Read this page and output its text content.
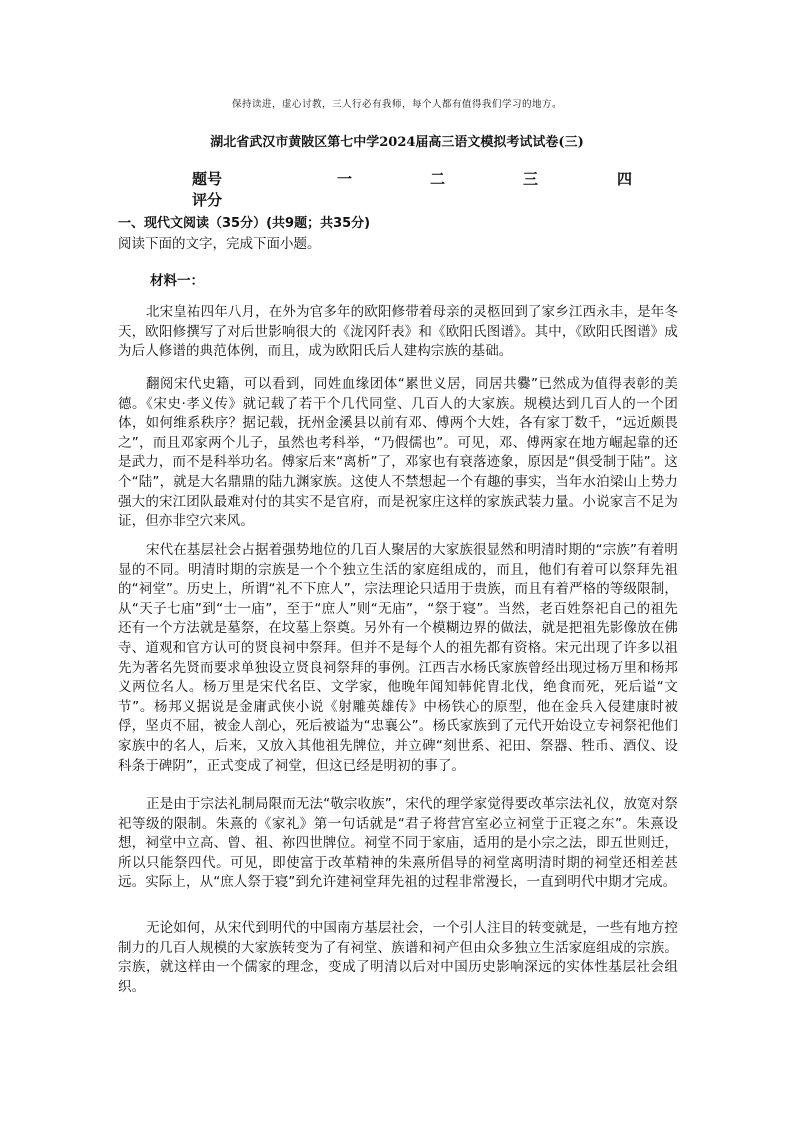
保持读进，虚心讨教，三人行必有我师，每个人都有值得我们学习的地方。
湖北省武汉市黄陂区第七中学2024届高三语文模拟考试试卷(三)
题号	一	二	三	四
评分
一、现代文阅读（35分）(共9题；共35分)
阅读下面的文字，完成下面小题。
材料一：

北宋皇祐四年八月，在外为官多年的欧阳修带着母亲的灵柩回到了家乡江西永丰，是年冬天，欧阳修撰写了对后世影响很大的《泷冈阡表》和《欧阳氏图谱》。其中，《欧阳氏图谱》成为后人修谱的典范体例，而且，成为欧阳氏后人建构宗族的基础。

翻阅宋代史籍，可以看到，同姓血缘团体“累世义居，同居共爨”已然成为值得表彰的美德。《宋史·孝义传》就记载了若干个几代同堂、几百人的大家族。规模达到几百人的一个团体，如何维系秩序？据记载，抚州金溪县以前有邓、傅两个大姓，各有家丁数千，“远近颇畏之”，而且邓家两个儿子，虽然也考科举，“乃假儒也”。可见，邓、傅两家在地方崛起靠的还是武力，而不是科举功名。傅家后来“离析”了，邓家也有衰落迹象，原因是“俱受制于陆”。这个“陆”，就是大名鼎鼎的陆九渊家族。这使人不禁想起一个有趣的事实，当年水泊梁山上势力强大的宋江团队最难对付的其实不是官府，而是祝家庄这样的家族武装力量。小说家言不足为证，但亦非空穴来风。

宋代在基层社会占据着强势地位的几百人聚居的大家族很显然和明清时期的“宗族”有着明显的不同。明清时期的宗族是一个个独立生活的家庭组成的，而且，他们有着可以祭拜先祖的“祠堂”。历史上，所谓“礼不下庶人”，宗法理论只适用于贵族，而且有着严格的等级限制，从“天子七庙”到“士一庙”，至于“庶人”则“无庙”，“祭于寝”。当然，老百姓祭祀自己的祖先还有一个方法就是墓祭，在坟墓上祭奠。另外有一个模糊边界的做法，就是把祖先影像放在佛寺、道观和官方认可的贤良祠中祭拜。但并不是每个人的祖先都有资格。宋元出现了许多以祖先为著名先贤而要求单独设立贤良祠祭拜的事例。江西吉水杨氏家族曾经出现过杨万里和杨邦义两位名人。杨万里是宋代名臣、文学家，他晚年闻知韩侂胄北伐，绝食而死，死后谥“文节”。杨邦义据说是金庸武侠小说《射雕英雄传》中杨铁心的原型，他在金兵入侵建康时被俘，坚贞不屈，被金人剖心，死后被谥为“忠襄公”。杨氏家族到了元代开始设立专祠祭祀他们家族中的名人，后来，又放入其他祖先牌位，并立碑“刻世系、祀田、祭器、牲币、酒仪、设科条于碑阴”，正式变成了祠堂，但这已经是明初的事了。

正是由于宗法礼制局限而无法“敬宗收族”，宋代的理学家觉得要改革宗法礼仪，放宽对祭祀等级的限制。朱熹的《家礼》第一句话就是“君子将营宫室必立祠堂于正寝之东”。朱熹设想，祠堂中立高、曾、祖、祢四世牌位。祠堂不同于家庙，适用的是小宗之法，即五世则迁，所以只能祭四代。可见，即使富于改革精神的朱熹所倡导的祠堂离明清时期的祠堂还相差甚远。实际上，从“庶人祭于寝”到允许建祠堂拜先祖的过程非常漫长，一直到明代中期才完成。

无论如何，从宋代到明代的中国南方基层社会，一个引人注目的转变就是，一些有地方控制力的几百人规模的大家族转变为了有祠堂、族谱和祠产但由众多独立生活家庭组成的宗族。宗族，就这样由一个儒家的理念，变成了明清以后对中国历史影响深远的实体性基层社会组织。
